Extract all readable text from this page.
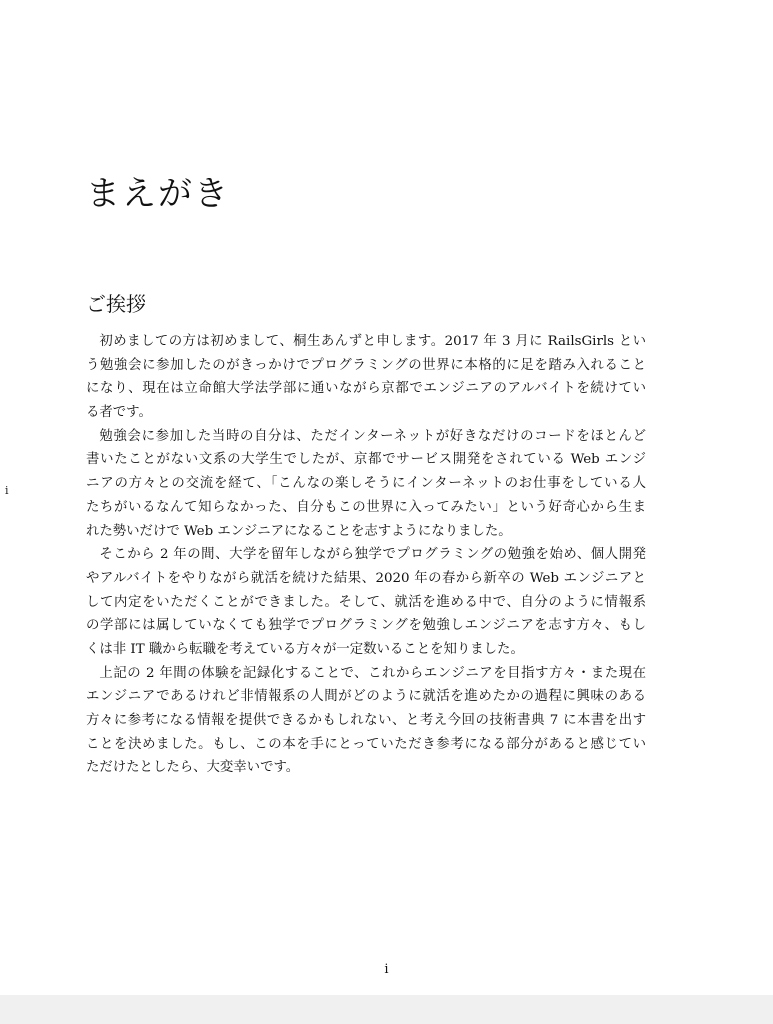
i
まえがき
ご挨拶

初めましての方は初めまして、桐生あんずと申します。2017 年 3 月に RailsGirls とい
う勉強会に参加したのがきっかけでプログラミングの世界に本格的に足を踏み入れること
になり、現在は立命館大学法学部に通いながら京都でエンジニアのアルバイトを続けてい
る者です。

勉強会に参加した当時の自分は、ただインターネットが好きなだけのコードをほとんど
書いたことがない文系の大学生でしたが、京都でサービス開発をされている Web エンジ
ニアの方々との交流を経て、「こんなの楽しそうにインターネットのお仕事をしている人
たちがいるなんて知らなかった、自分もこの世界に入ってみたい」という好奇心から生ま
れた勢いだけで Web エンジニアになることを志すようになりました。

そこから 2 年の間、大学を留年しながら独学でプログラミングの勉強を始め、個人開発
やアルバイトをやりながら就活を続けた結果、2020 年の春から新卒の Web エンジニアと
して内定をいただくことができました。そして、就活を進める中で、自分のように情報系
の学部には属していなくても独学でプログラミングを勉強しエンジニアを志す方々、もし
くは非 IT 職から転職を考えている方々が一定数いることを知りました。

上記の 2 年間の体験を記録化することで、これからエンジニアを目指す方々・また現在
エンジニアであるけれど非情報系の人間がどのように就活を進めたかの過程に興味のある
方々に参考になる情報を提供できるかもしれない、と考え今回の技術書典 7 に本書を出す
ことを決めました。もし、この本を手にとっていただき参考になる部分があると感じてい
ただけたとしたら、大変幸いです。

i
